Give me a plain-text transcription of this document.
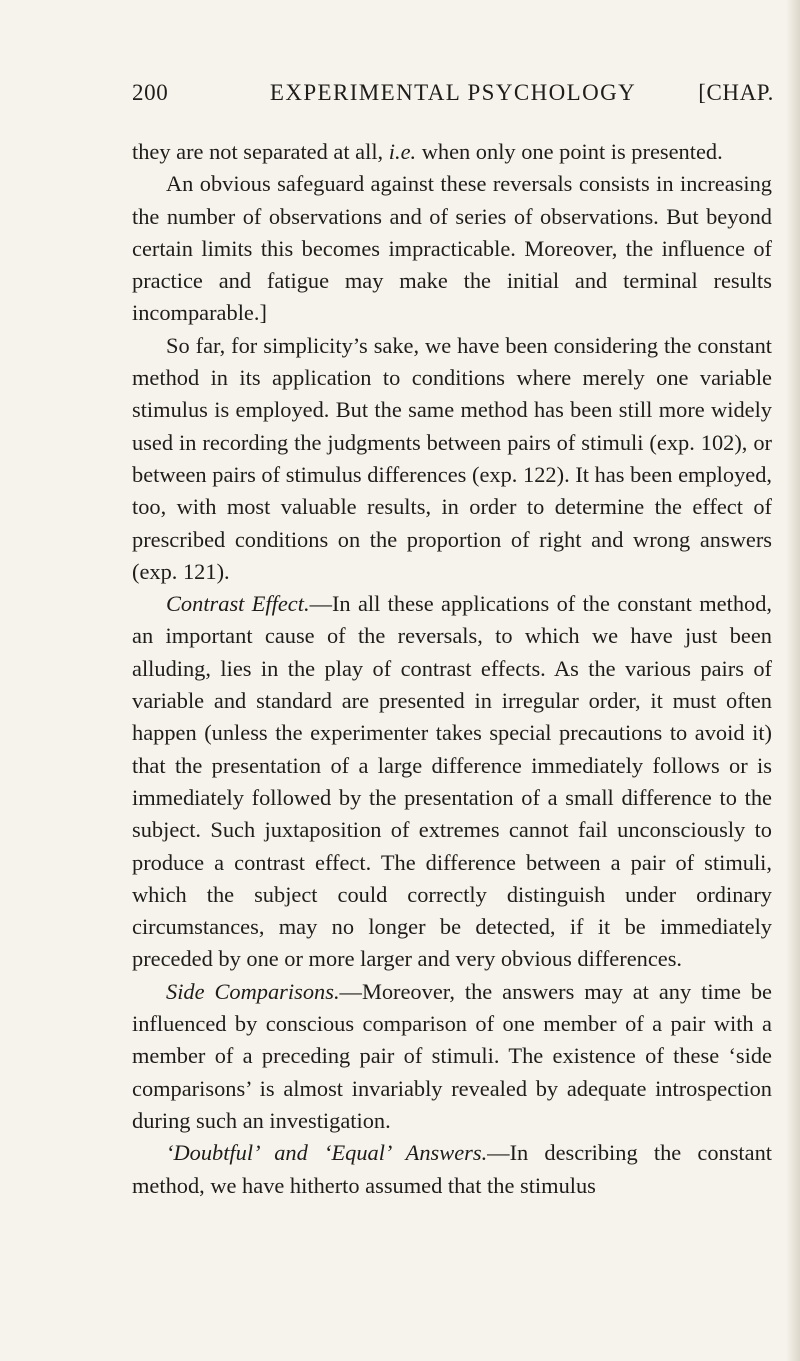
200	EXPERIMENTAL PSYCHOLOGY	[CHAP.

they are not separated at all, i.e. when only one point is presented.

An obvious safeguard against these reversals consists in increasing the number of observations and of series of observations. But beyond certain limits this becomes impracticable. Moreover, the influence of practice and fatigue may make the initial and terminal results incomparable.]

So far, for simplicity’s sake, we have been considering the constant method in its application to conditions where merely one variable stimulus is employed. But the same method has been still more widely used in recording the judgments between pairs of stimuli (exp. 102), or between pairs of stimulus differences (exp. 122). It has been employed, too, with most valuable results, in order to determine the effect of prescribed conditions on the proportion of right and wrong answers (exp. 121).

Contrast Effect.—In all these applications of the constant method, an important cause of the reversals, to which we have just been alluding, lies in the play of contrast effects. As the various pairs of variable and standard are presented in irregular order, it must often happen (unless the experimenter takes special precautions to avoid it) that the presentation of a large difference immediately follows or is immediately followed by the presentation of a small difference to the subject. Such juxtaposition of extremes cannot fail unconsciously to produce a contrast effect. The difference between a pair of stimuli, which the subject could correctly distinguish under ordinary circumstances, may no longer be detected, if it be immediately preceded by one or more larger and very obvious differences.

Side Comparisons.—Moreover, the answers may at any time be influenced by conscious comparison of one member of a pair with a member of a preceding pair of stimuli. The existence of these ‘side comparisons’ is almost invariably revealed by adequate introspection during such an investigation.

‘Doubtful’ and ‘Equal’ Answers.—In describing the constant method, we have hitherto assumed that the stimulus
